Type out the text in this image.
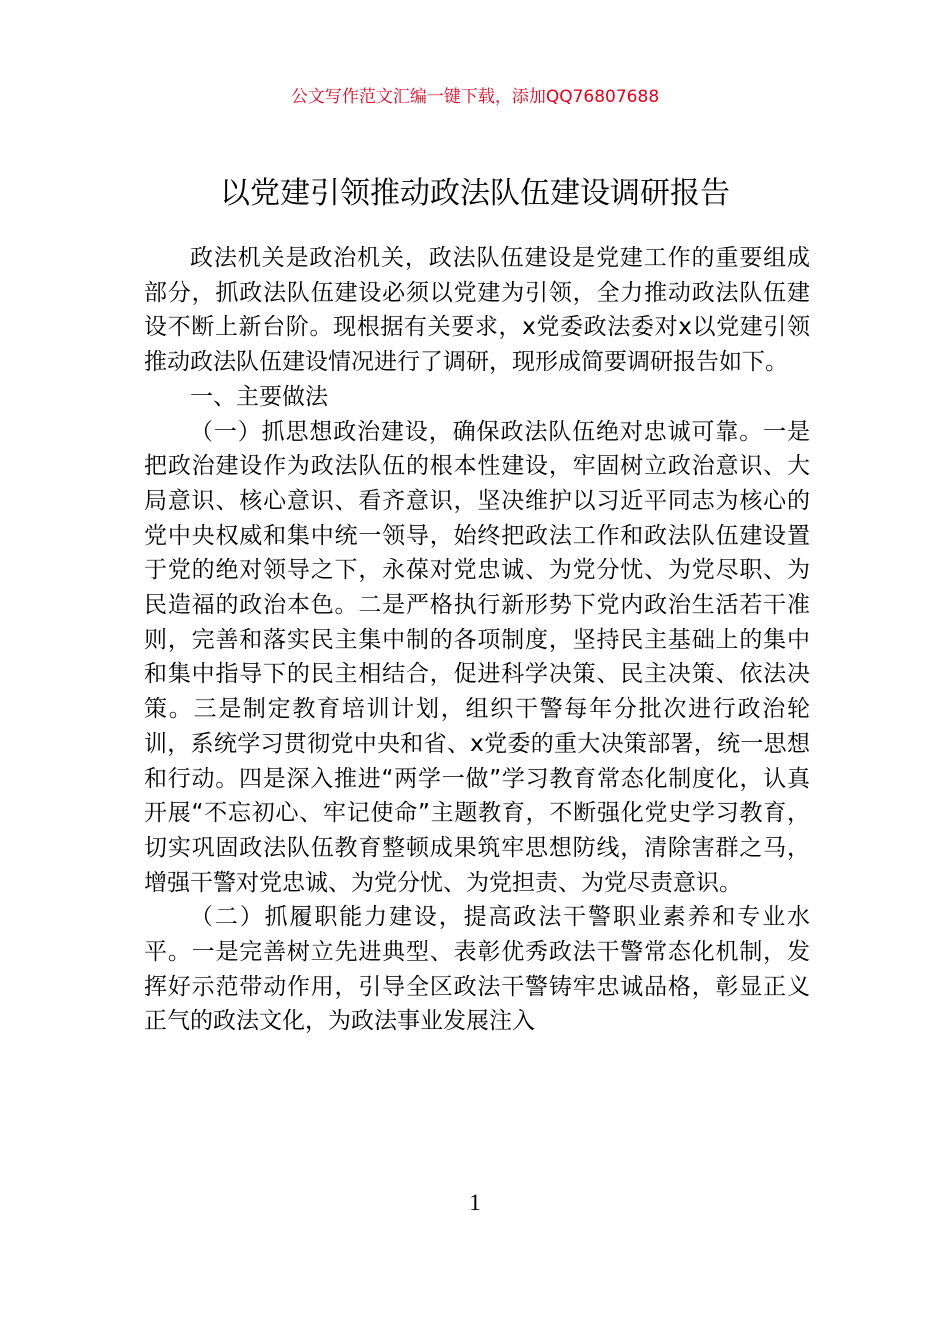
公文写作范文汇编一键下载，添加QQ76807688
以党建引领推动政法队伍建设调研报告

政法机关是政治机关，政法队伍建设是党建工作的重要组成部分，抓政法队伍建设必须以党建为引领，全力推动政法队伍建设不断上新台阶。现根据有关要求，x党委政法委对x以党建引领推动政法队伍建设情况进行了调研，现形成简要调研报告如下。

一、主要做法

（一）抓思想政治建设，确保政法队伍绝对忠诚可靠。一是把政治建设作为政法队伍的根本性建设，牢固树立政治意识、大局意识、核心意识、看齐意识，坚决维护以习近平同志为核心的党中央权威和集中统一领导，始终把政法工作和政法队伍建设置于党的绝对领导之下，永葆对党忠诚、为党分忧、为党尽职、为民造福的政治本色。二是严格执行新形势下党内政治生活若干准则，完善和落实民主集中制的各项制度，坚持民主基础上的集中和集中指导下的民主相结合，促进科学决策、民主决策、依法决策。三是制定教育培训计划，组织干警每年分批次进行政治轮训，系统学习贯彻党中央和省、x党委的重大决策部署，统一思想和行动。四是深入推进“两学一做”学习教育常态化制度化，认真开展“不忘初心、牢记使命”主题教育，不断强化党史学习教育，切实巩固政法队伍教育整顿成果筑牢思想防线，清除害群之马，增强干警对党忠诚、为党分忧、为党担责、为党尽责意识。

（二）抓履职能力建设，提高政法干警职业素养和专业水平。一是完善树立先进典型、表彰优秀政法干警常态化机制，发挥好示范带动作用，引导全区政法干警铸牢忠诚品格，彰显正义正气的政法文化，为政法事业发展注入

1
